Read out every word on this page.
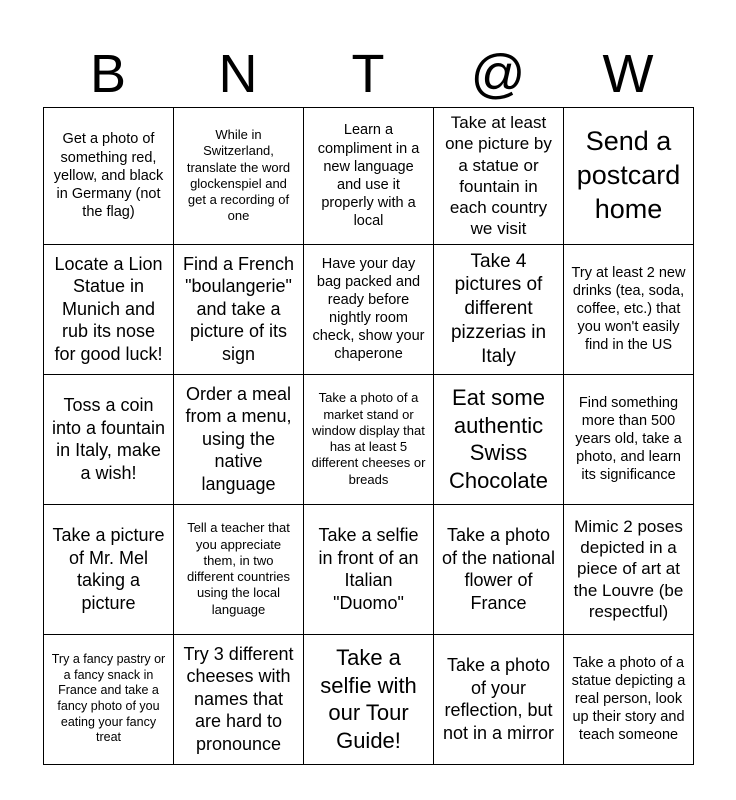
B	N	T	@	W
Get a photo of something red, yellow, and black in Germany (not the flag)	While in Switzerland, translate the word glockenspiel and get a recording of one	Learn a compliment in a new language and use it properly with a local	Take at least one picture by a statue or fountain in each country we visit	Send a postcard home
Locate a Lion Statue in Munich and rub its nose for good luck!	Find a French "boulangerie" and take a picture of its sign	Have your day bag packed and ready before nightly room check, show your chaperone	Take 4 pictures of different pizzerias in Italy	Try at least 2 new drinks (tea, soda, coffee, etc.) that you won't easily find in the US
Toss a coin into a fountain in Italy, make a wish!	Order a meal from a menu, using the native language	Take a photo of a market stand or window display that has at least 5 different cheeses or breads	Eat some authentic Swiss Chocolate	Find something more than 500 years old, take a photo, and learn its significance
Take a picture of Mr. Mel taking a picture	Tell a teacher that you appreciate them, in two different countries using the local language	Take a selfie in front of an Italian "Duomo"	Take a photo of the national flower of France	Mimic 2 poses depicted in a piece of art at the Louvre (be respectful)
Try a fancy pastry or a fancy snack in France and take a fancy photo of you eating your fancy treat	Try 3 different cheeses with names that are hard to pronounce	Take a selfie with our Tour Guide!	Take a photo of your reflection, but not in a mirror	Take a photo of a statue depicting a real person, look up their story and teach someone
